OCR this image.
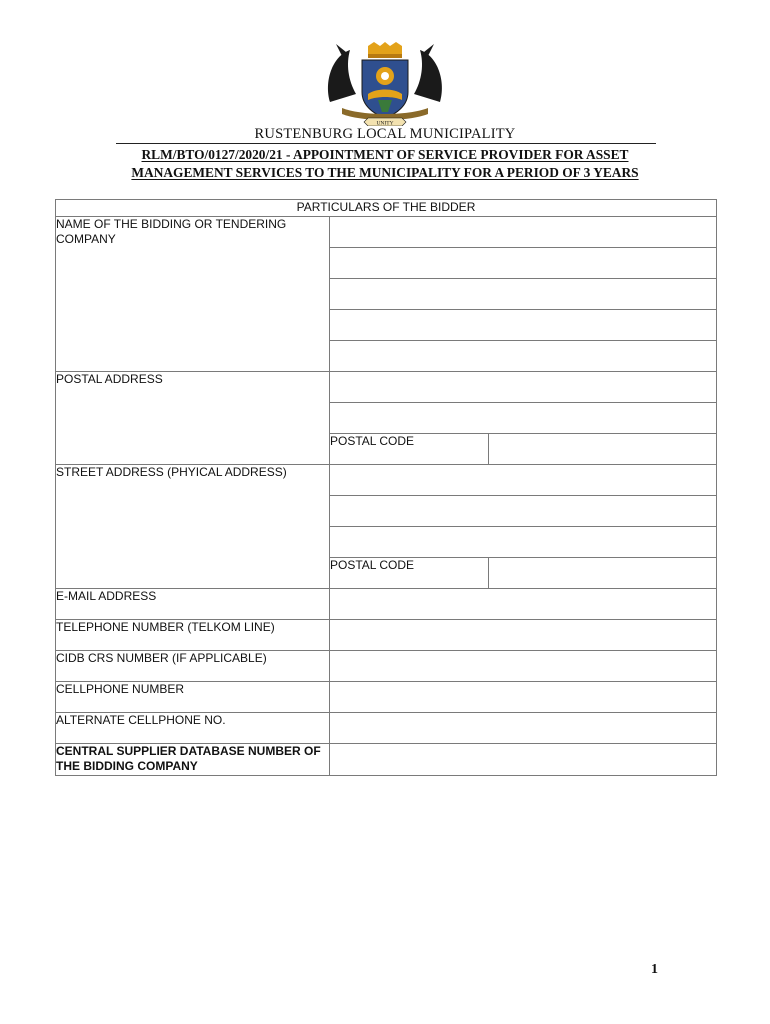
UNITY
RUSTENBURG LOCAL MUNICIPALITY
RLM/BTO/0127/2020/21 - APPOINTMENT OF SERVICE PROVIDER FOR ASSET MANAGEMENT SERVICES TO THE MUNICIPALITY FOR A PERIOD OF 3 YEARS
PARTICULARS OF THE BIDDER		
NAME OF THE BIDDING OR TENDERING COMPANY		

POSTAL ADDRESS		

	POSTAL CODE	

STREET ADDRESS (PHYICAL ADDRESS)		

	POSTAL CODE	

E-MAIL ADDRESS		
TELEPHONE NUMBER (TELKOM LINE)		
CIDB CRS NUMBER (IF APPLICABLE)		
CELLPHONE NUMBER		
ALTERNATE CELLPHONE NO.		
CENTRAL SUPPLIER DATABASE NUMBER OF THE BIDDING COMPANY		
1
